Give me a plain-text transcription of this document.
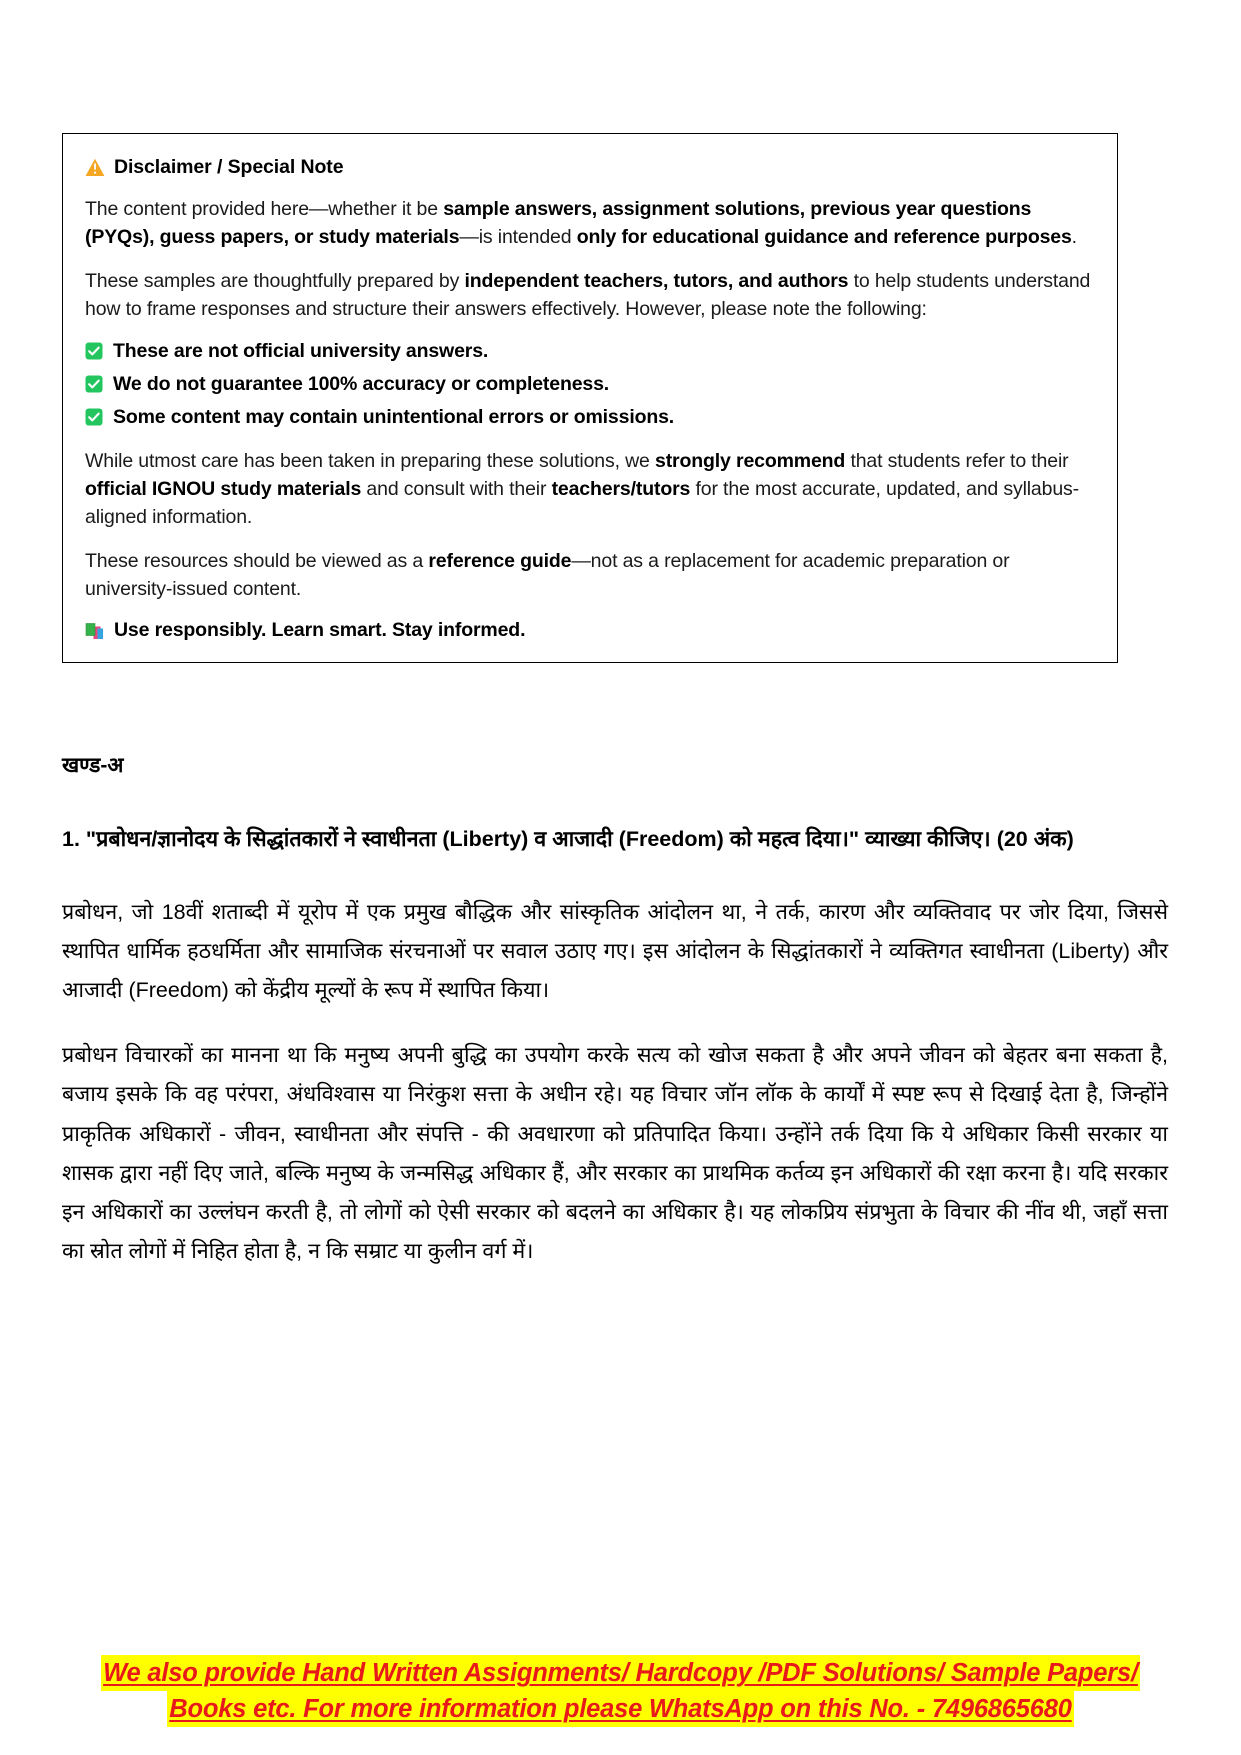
Disclaimer / Special Note

The content provided here—whether it be sample answers, assignment solutions, previous year questions (PYQs), guess papers, or study materials—is intended only for educational guidance and reference purposes.

These samples are thoughtfully prepared by independent teachers, tutors, and authors to help students understand how to frame responses and structure their answers effectively. However, please note the following:

These are not official university answers.
We do not guarantee 100% accuracy or completeness.
Some content may contain unintentional errors or omissions.

While utmost care has been taken in preparing these solutions, we strongly recommend that students refer to their official IGNOU study materials and consult with their teachers/tutors for the most accurate, updated, and syllabus-aligned information.

These resources should be viewed as a reference guide—not as a replacement for academic preparation or university-issued content.

Use responsibly. Learn smart. Stay informed.
खण्ड-अ
1. "प्रबोधन/ज्ञानोदय के सिद्धांतकारों ने स्वाधीनता (Liberty) व आजादी (Freedom) को महत्व दिया।" व्याख्या कीजिए। (20 अंक)

प्रबोधन, जो 18वीं शताब्दी में यूरोप में एक प्रमुख बौद्धिक और सांस्कृतिक आंदोलन था, ने तर्क, कारण और व्यक्तिवाद पर जोर दिया, जिससे स्थापित धार्मिक हठधर्मिता और सामाजिक संरचनाओं पर सवाल उठाए गए। इस आंदोलन के सिद्धांतकारों ने व्यक्तिगत स्वाधीनता (Liberty) और आजादी (Freedom) को केंद्रीय मूल्यों के रूप में स्थापित किया।

प्रबोधन विचारकों का मानना था कि मनुष्य अपनी बुद्धि का उपयोग करके सत्य को खोज सकता है और अपने जीवन को बेहतर बना सकता है, बजाय इसके कि वह परंपरा, अंधविश्वास या निरंकुश सत्ता के अधीन रहे। यह विचार जॉन लॉक के कार्यों में स्पष्ट रूप से दिखाई देता है, जिन्होंने प्राकृतिक अधिकारों - जीवन, स्वाधीनता और संपत्ति - की अवधारणा को प्रतिपादित किया। उन्होंने तर्क दिया कि ये अधिकार किसी सरकार या शासक द्वारा नहीं दिए जाते, बल्कि मनुष्य के जन्मसिद्ध अधिकार हैं, और सरकार का प्राथमिक कर्तव्य इन अधिकारों की रक्षा करना है। यदि सरकार इन अधिकारों का उल्लंघन करती है, तो लोगों को ऐसी सरकार को बदलने का अधिकार है। यह लोकप्रिय संप्रभुता के विचार की नींव थी, जहाँ सत्ता का स्रोत लोगों में निहित होता है, न कि सम्राट या कुलीन वर्ग में।

We also provide Hand Written Assignments/ Hardcopy /PDF Solutions/ Sample Papers/
Books etc. For more information please WhatsApp on this No. - 7496865680
